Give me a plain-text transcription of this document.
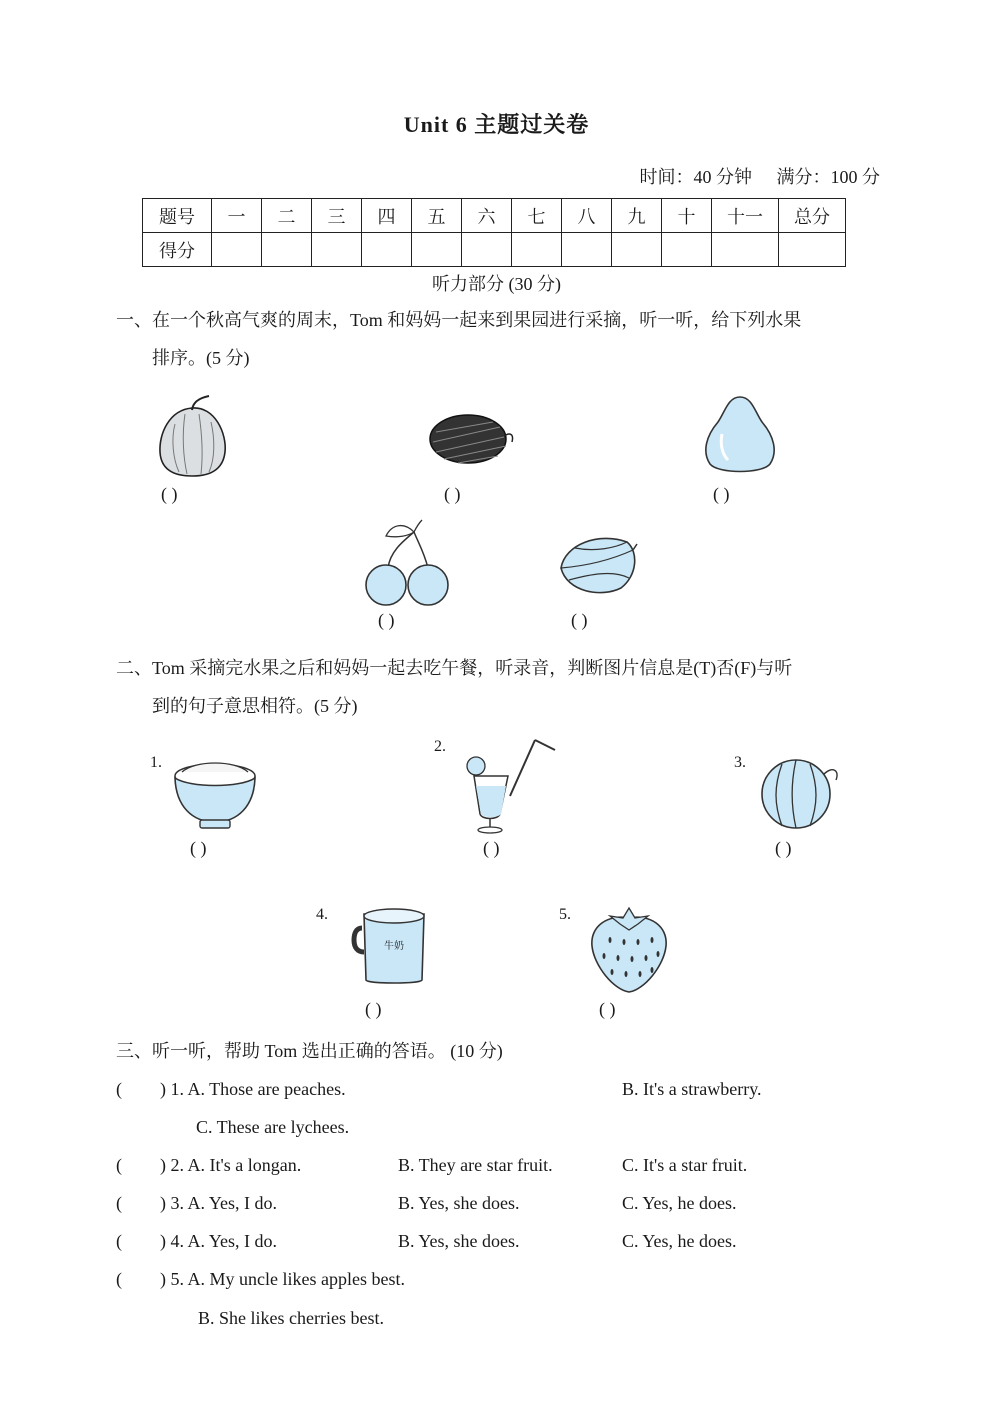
Unit 6 主题过关卷
时间：40 分钟 满分：100 分
题号	一	二	三	四	五	六	七	八	九	十	十一	总分
得分												
听力部分 (30 分)
一、在一个秋高气爽的周末，Tom 和妈妈一起来到果园进行采摘，听一听，给下列水果
排序。(5 分)
( )	( )	( )
( )	( )
二、Tom 采摘完水果之后和妈妈一起去吃午餐，听录音，判断图片信息是(T)否(F)与听
到的句子意思相符。(5 分)
1.
( )
2.
( )
3.
( )
4.
牛奶
( )
5.
( )
三、听一听，帮助 Tom 选出正确的答语。 (10 分)
( ) 1. A. Those are peaches.	B. It's a strawberry.
C. These are lychees.
( ) 2. A. It's a longan.	B. They are star fruit.	C. It's a star fruit.
( ) 3. A. Yes, I do.	B. Yes, she does.	C. Yes, he does.
( ) 4. A. Yes, I do.	B. Yes, she does.	C. Yes, he does.
( ) 5. A. My uncle likes apples best.
B. She likes cherries best.
